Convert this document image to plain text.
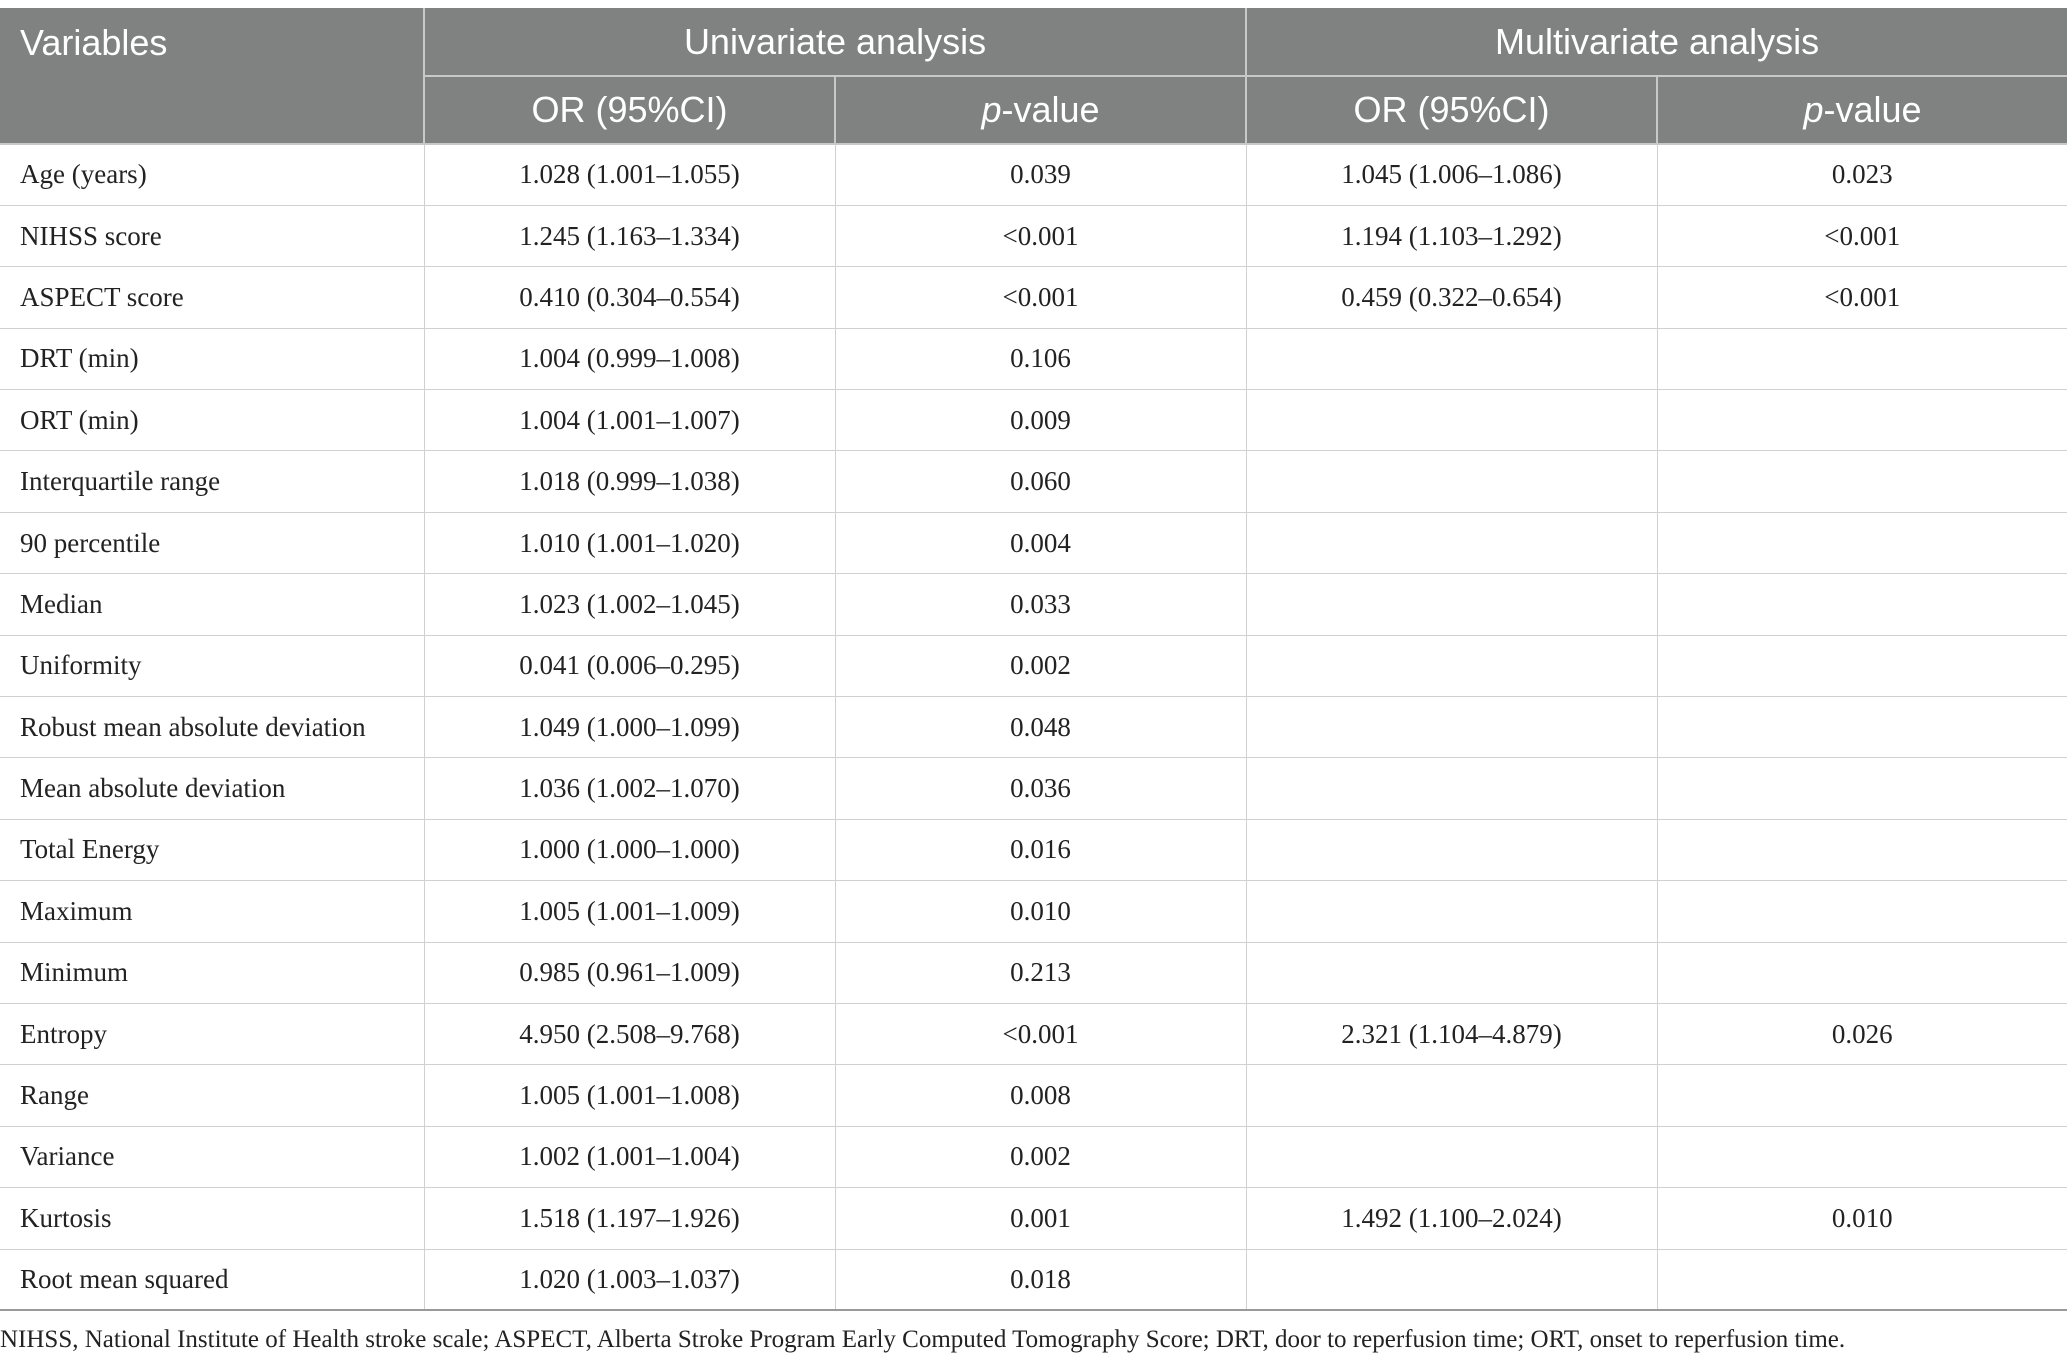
Variables	Univariate analysis		Multivariate analysis	
	OR (95%CI)	p-value	OR (95%CI)	p-value
Age (years)	1.028 (1.001–1.055)	0.039	1.045 (1.006–1.086)	0.023
NIHSS score	1.245 (1.163–1.334)	<0.001	1.194 (1.103–1.292)	<0.001
ASPECT score	0.410 (0.304–0.554)	<0.001	0.459 (0.322–0.654)	<0.001
DRT (min)	1.004 (0.999–1.008)	0.106		
ORT (min)	1.004 (1.001–1.007)	0.009		
Interquartile range	1.018 (0.999–1.038)	0.060		
90 percentile	1.010 (1.001–1.020)	0.004		
Median	1.023 (1.002–1.045)	0.033		
Uniformity	0.041 (0.006–0.295)	0.002		
Robust mean absolute deviation	1.049 (1.000–1.099)	0.048		
Mean absolute deviation	1.036 (1.002–1.070)	0.036		
Total Energy	1.000 (1.000–1.000)	0.016		
Maximum	1.005 (1.001–1.009)	0.010		
Minimum	0.985 (0.961–1.009)	0.213		
Entropy	4.950 (2.508–9.768)	<0.001	2.321 (1.104–4.879)	0.026
Range	1.005 (1.001–1.008)	0.008		
Variance	1.002 (1.001–1.004)	0.002		
Kurtosis	1.518 (1.197–1.926)	0.001	1.492 (1.100–2.024)	0.010
Root mean squared	1.020 (1.003–1.037)	0.018		
NIHSS, National Institute of Health stroke scale; ASPECT, Alberta Stroke Program Early Computed Tomography Score; DRT, door to reperfusion time; ORT, onset to reperfusion time.
